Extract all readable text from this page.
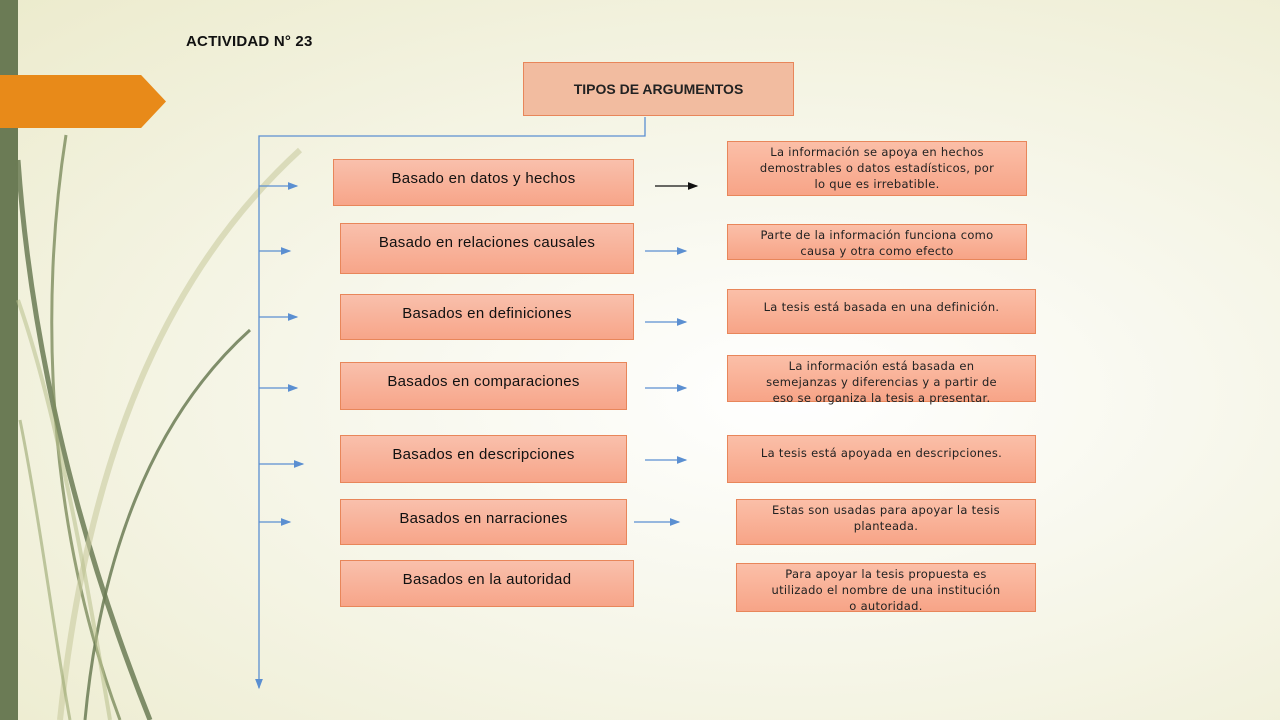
ACTIVIDAD N° 23
TIPOS DE ARGUMENTOS
Basado en datos y hechos
Basado en relaciones causales
Basados en definiciones
Basados en comparaciones
Basados en descripciones
Basados en narraciones
Basados en la autoridad
La información se apoya en hechos
demostrables o datos estadísticos, por
lo que es irrebatible.
Parte de la información funciona como
causa y otra como efecto
La tesis está basada en una definición.
La información está basada en
semejanzas y diferencias y a partir de
eso se organiza la tesis a presentar.
La tesis está apoyada en descripciones.
Estas son usadas para apoyar la tesis
planteada.
Para apoyar la tesis propuesta es
utilizado el nombre de una institución
o autoridad.
